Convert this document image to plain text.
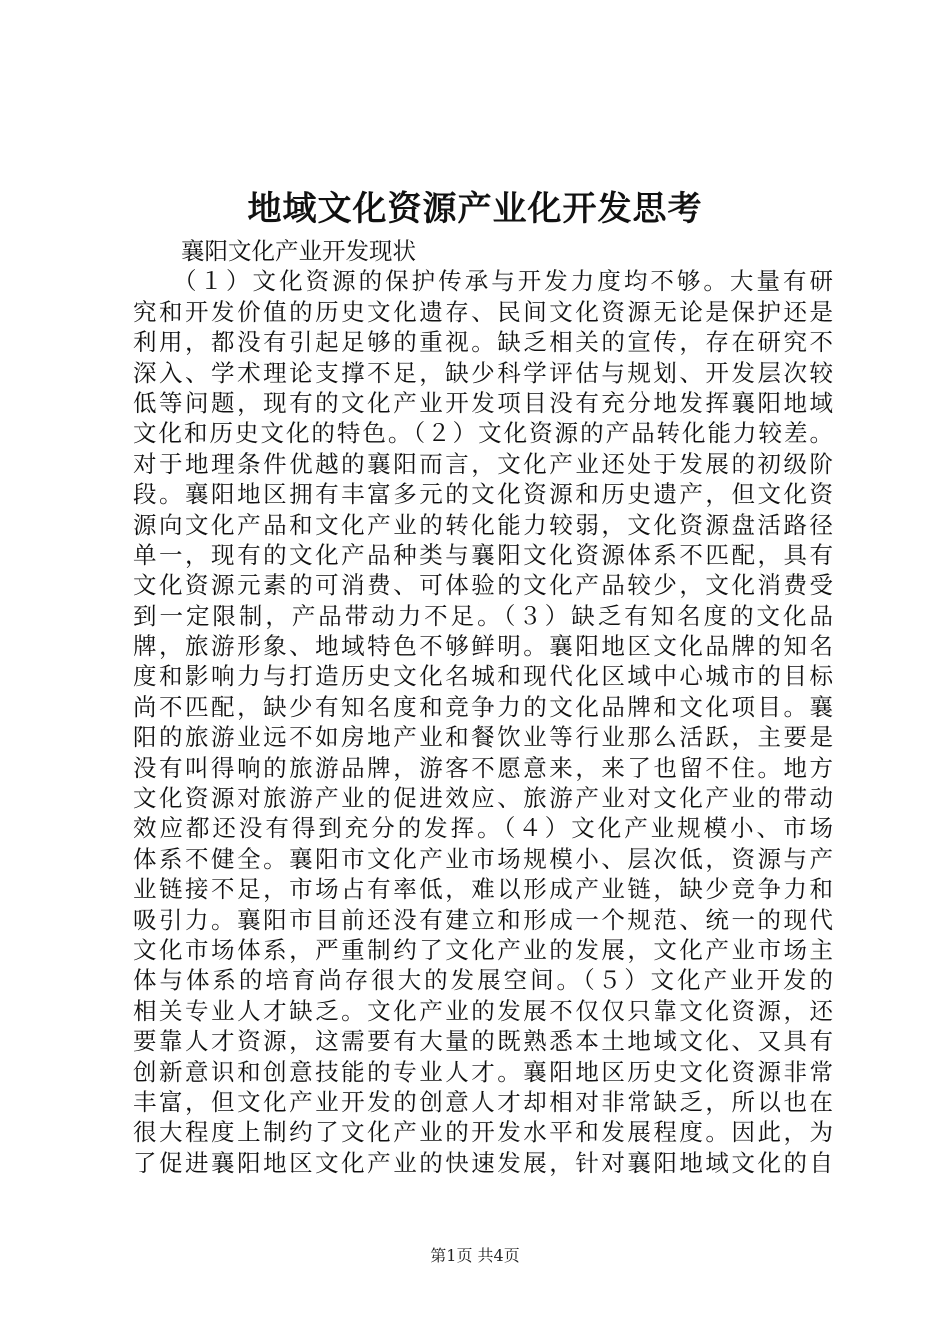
地域文化资源产业化开发思考
襄阳文化产业开发现状
（１）文化资源的保护传承与开发力度均不够。大量有研
究和开发价值的历史文化遗存、民间文化资源无论是保护还是
利用，都没有引起足够的重视。缺乏相关的宣传，存在研究不
深入、学术理论支撑不足，缺少科学评估与规划、开发层次较
低等问题，现有的文化产业开发项目没有充分地发挥襄阳地域
文化和历史文化的特色。（２）文化资源的产品转化能力较差。
对于地理条件优越的襄阳而言，文化产业还处于发展的初级阶
段。襄阳地区拥有丰富多元的文化资源和历史遗产，但文化资
源向文化产品和文化产业的转化能力较弱，文化资源盘活路径
单一，现有的文化产品种类与襄阳文化资源体系不匹配，具有
文化资源元素的可消费、可体验的文化产品较少，文化消费受
到一定限制，产品带动力不足。（３）缺乏有知名度的文化品
牌，旅游形象、地域特色不够鲜明。襄阳地区文化品牌的知名
度和影响力与打造历史文化名城和现代化区域中心城市的目标
尚不匹配，缺少有知名度和竞争力的文化品牌和文化项目。襄
阳的旅游业远不如房地产业和餐饮业等行业那么活跃，主要是
没有叫得响的旅游品牌，游客不愿意来，来了也留不住。地方
文化资源对旅游产业的促进效应、旅游产业对文化产业的带动
效应都还没有得到充分的发挥。（４）文化产业规模小、市场
体系不健全。襄阳市文化产业市场规模小、层次低，资源与产
业链接不足，市场占有率低，难以形成产业链，缺少竞争力和
吸引力。襄阳市目前还没有建立和形成一个规范、统一的现代
文化市场体系，严重制约了文化产业的发展，文化产业市场主
体与体系的培育尚存很大的发展空间。（５）文化产业开发的
相关专业人才缺乏。文化产业的发展不仅仅只靠文化资源，还
要靠人才资源，这需要有大量的既熟悉本土地域文化、又具有
创新意识和创意技能的专业人才。襄阳地区历史文化资源非常
丰富，但文化产业开发的创意人才却相对非常缺乏，所以也在
很大程度上制约了文化产业的开发水平和发展程度。因此，为
了促进襄阳地区文化产业的快速发展，针对襄阳地域文化的自
第1页 共4页
